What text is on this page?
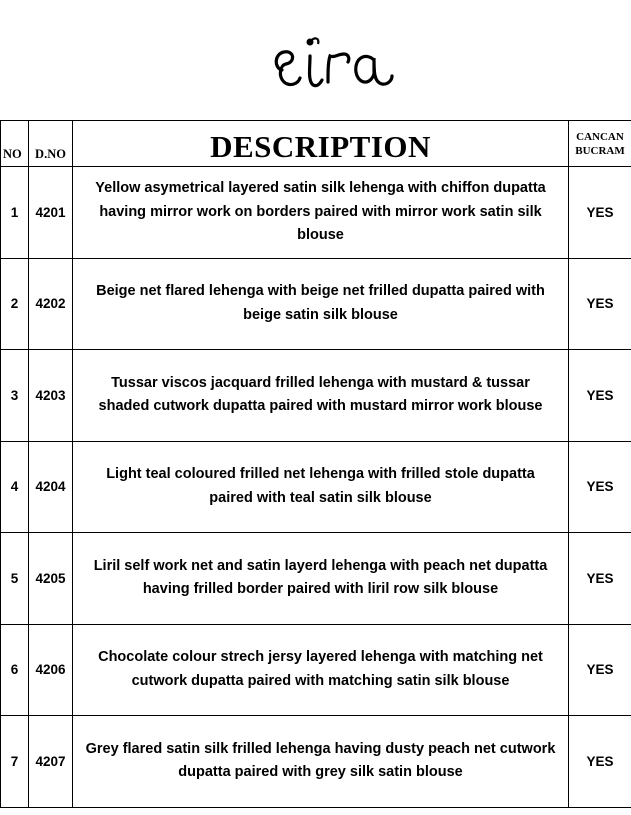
NO	D.NO	DESCRIPTION	CANCAN
BUCRAM

1	4201	Yellow asymetrical layered satin silk lehenga with chiffon dupatta having mirror work on borders paired with mirror work satin silk blouse	YES
2	4202	Beige net flared lehenga with beige net frilled dupatta paired with beige satin silk blouse	YES
3	4203	Tussar viscos jacquard frilled lehenga with mustard & tussar shaded cutwork dupatta paired with mustard mirror work blouse	YES
4	4204	Light teal coloured frilled net lehenga with frilled stole dupatta paired with teal satin silk blouse	YES
5	4205	Liril self work net and satin layerd lehenga with peach net dupatta having frilled border paired with liril row silk blouse	YES
6	4206	Chocolate colour strech jersy layered lehenga with matching net cutwork dupatta paired with matching satin silk blouse	YES
7	4207	Grey flared satin silk frilled lehenga having dusty peach net cutwork dupatta paired with grey silk satin blouse	YES
